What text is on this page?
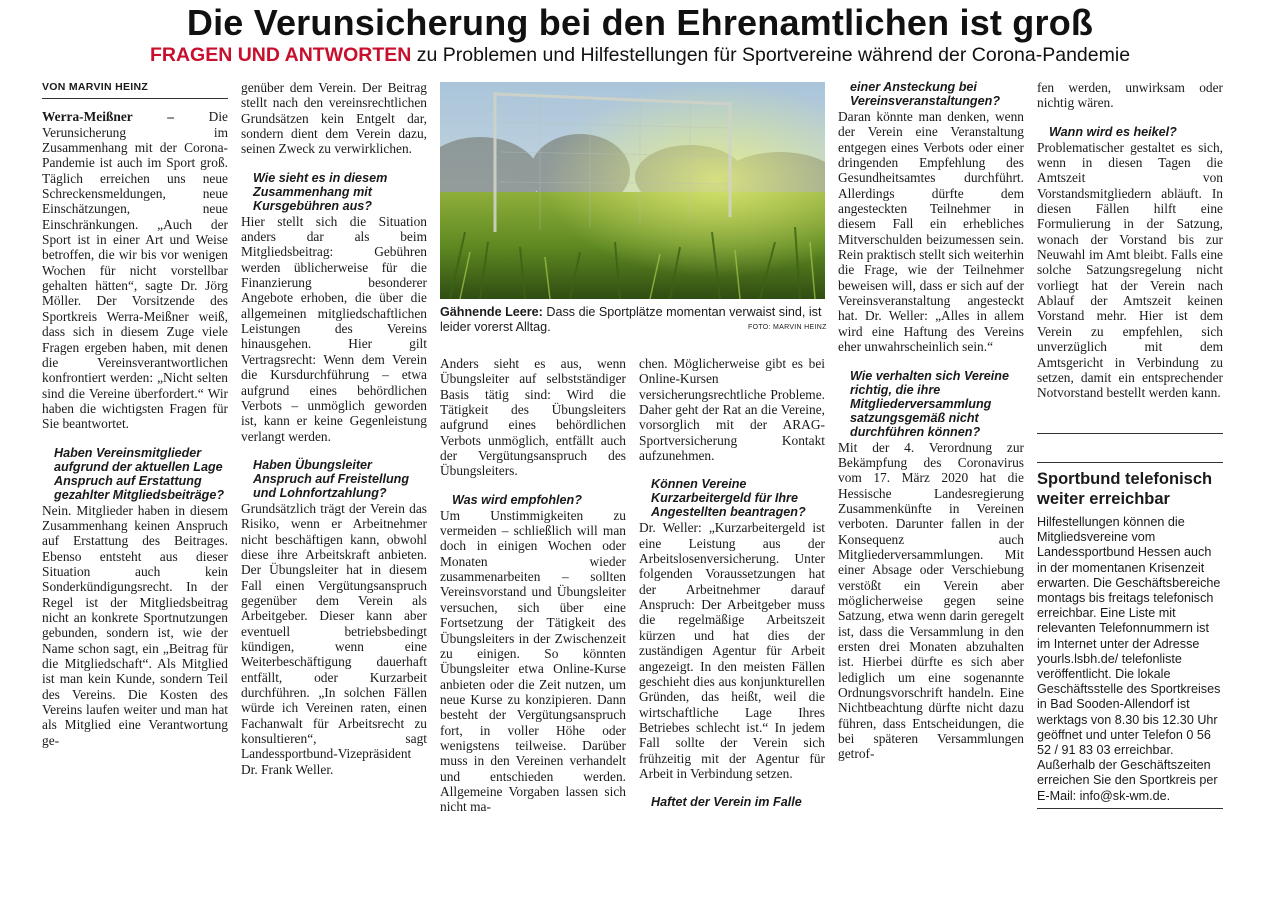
Die Verunsicherung bei den Ehrenamtlichen ist groß
FRAGEN UND ANTWORTEN zu Problemen und Hilfestellungen für Sportvereine während der Corona-Pandemie
VON MARVIN HEINZ

Werra-Meißner – Die Verunsicherung im Zusammenhang mit der Corona-Pandemie ist auch im Sport groß. Täglich erreichen uns neue Schreckensmeldungen, neue Einschätzungen, neue Einschränkungen. „Auch der Sport ist in einer Art und Weise betroffen, die wir bis vor wenigen Wochen für nicht vorstellbar gehalten hätten“, sagte Dr. Jörg Möller. Der Vorsitzende des Sportkreis Werra-Meißner weiß, dass sich in diesem Zuge viele Fragen ergeben haben, mit denen die Vereinsverantwortlichen konfrontiert werden: „Nicht selten sind die Vereine überfordert.“ Wir haben die wichtigsten Fragen für Sie beantwortet.

Haben Vereinsmitglieder aufgrund der aktuellen Lage Anspruch auf Erstattung gezahlter Mitgliedsbeiträge?

Nein. Mitglieder haben in diesem Zusammenhang keinen Anspruch auf Erstattung des Beitrages. Ebenso entsteht aus dieser Situation auch kein Sonderkündigungsrecht. In der Regel ist der Mitgliedsbeitrag nicht an konkrete Sportnutzungen gebunden, sondern ist, wie der Name schon sagt, ein „Beitrag für die Mitgliedschaft“. Als Mitglied ist man kein Kunde, sondern Teil des Vereins. Die Kosten des Vereins laufen weiter und man hat als Mitglied eine Verantwortung ge-

genüber dem Verein. Der Beitrag stellt nach den vereinsrechtlichen Grundsätzen kein Entgelt dar, sondern dient dem Verein dazu, seinen Zweck zu verwirklichen.

Wie sieht es in diesem Zusammenhang mit Kursgebühren aus?

Hier stellt sich die Situation anders dar als beim Mitgliedsbeitrag: Gebühren werden üblicherweise für die Finanzierung besonderer Angebote erhoben, die über die allgemeinen mitgliedschaftlichen Leistungen des Vereins hinausgehen. Hier gilt Vertragsrecht: Wenn dem Verein die Kursdurchführung – etwa aufgrund eines behördlichen Verbots – unmöglich geworden ist, kann er keine Gegenleistung verlangt werden.

Haben Übungsleiter Anspruch auf Freistellung und Lohnfortzahlung?

Grundsätzlich trägt der Verein das Risiko, wenn er Arbeitnehmer nicht beschäftigen kann, obwohl diese ihre Arbeitskraft anbieten. Der Übungsleiter hat in diesem Fall einen Vergütungsanspruch gegenüber dem Verein als Arbeitgeber. Dieser kann aber eventuell betriebsbedingt kündigen, wenn eine Weiterbeschäftigung dauerhaft entfällt, oder Kurzarbeit durchführen. „In solchen Fällen würde ich Vereinen raten, einen Fachanwalt für Arbeitsrecht zu konsultieren“, sagt Landessportbund-Vizepräsident Dr. Frank Weller.

Gähnende Leere: Dass die Sportplätze momentan verwaist sind, ist leider vorerst Alltag.	FOTO: MARVIN HEINZ

Anders sieht es aus, wenn Übungsleiter auf selbstständiger Basis tätig sind: Wird die Tätigkeit des Übungsleiters aufgrund eines behördlichen Verbots unmöglich, entfällt auch der Vergütungsanspruch des Übungsleiters.

Was wird empfohlen?

Um Unstimmigkeiten zu vermeiden – schließlich will man doch in einigen Wochen oder Monaten wieder zusammenarbeiten – sollten Vereinsvorstand und Übungsleiter versuchen, sich über eine Fortsetzung der Tätigkeit des Übungsleiters in der Zwischenzeit zu einigen. So könnten Übungsleiter etwa Online-Kurse anbieten oder die Zeit nutzen, um neue Kurse zu konzipieren. Dann besteht der Vergütungsanspruch fort, in voller Höhe oder wenigstens teilweise. Darüber muss in den Vereinen verhandelt und entschieden werden. Allgemeine Vorgaben lassen sich nicht ma-

chen. Möglicherweise gibt es bei Online-Kursen versicherungsrechtliche Probleme. Daher geht der Rat an die Vereine, vorsorglich mit der ARAG-Sportversicherung Kontakt aufzunehmen.

Können Vereine Kurzarbeitergeld für Ihre Angestellten beantragen?

Dr. Weller: „Kurzarbeitergeld ist eine Leistung aus der Arbeitslosenversicherung. Unter folgenden Voraussetzungen hat der Arbeitnehmer darauf Anspruch: Der Arbeitgeber muss die regelmäßige Arbeitszeit kürzen und hat dies der zuständigen Agentur für Arbeit angezeigt. In den meisten Fällen geschieht dies aus konjunkturellen Gründen, das heißt, weil die wirtschaftliche Lage Ihres Betriebes schlecht ist.“ In jedem Fall sollte der Verein sich frühzeitig mit der Agentur für Arbeit in Verbindung setzen.

Haftet der Verein im Falle
einer Ansteckung bei Vereinsveranstaltungen?

Daran könnte man denken, wenn der Verein eine Veranstaltung entgegen eines Verbots oder einer dringenden Empfehlung des Gesundheitsamtes durchführt. Allerdings dürfte dem angesteckten Teilnehmer in diesem Fall ein erhebliches Mitverschulden beizumessen sein. Rein praktisch stellt sich weiterhin die Frage, wie der Teilnehmer beweisen will, dass er sich auf der Vereinsveranstaltung angesteckt hat. Dr. Weller: „Alles in allem wird eine Haftung des Vereins eher unwahrscheinlich sein.“

Wie verhalten sich Vereine richtig, die ihre Mitgliederversammlung satzungsgemäß nicht durchführen können?

Mit der 4. Verordnung zur Bekämpfung des Coronavirus vom 17. März 2020 hat die Hessische Landesregierung Zusammenkünfte in Vereinen verboten. Darunter fallen in der Konsequenz auch Mitgliederversammlungen. Mit einer Absage oder Verschiebung verstößt ein Verein aber möglicherweise gegen seine Satzung, etwa wenn darin geregelt ist, dass die Versammlung in den ersten drei Monaten abzuhalten ist. Hierbei dürfte es sich aber lediglich um eine sogenannte Ordnungsvorschrift handeln. Eine Nichtbeachtung dürfte nicht dazu führen, dass Entscheidungen, die bei späteren Versammlungen getrof-

fen werden, unwirksam oder nichtig wären.

Wann wird es heikel?

Problematischer gestaltet es sich, wenn in diesen Tagen die Amtszeit von Vorstandsmitgliedern abläuft. In diesen Fällen hilft eine Formulierung in der Satzung, wonach der Vorstand bis zur Neuwahl im Amt bleibt. Falls eine solche Satzungsregelung nicht vorliegt hat der Verein nach Ablauf der Amtszeit keinen Vorstand mehr. Hier ist dem Verein zu empfehlen, sich unverzüglich mit dem Amtsgericht in Verbindung zu setzen, damit ein entsprechender Notvorstand bestellt werden kann.

Sportbund telefonisch weiter erreichbar

Hilfestellungen können die Mitgliedsvereine vom Landessportbund Hessen auch in der momentanen Krisenzeit erwarten. Die Geschäftsbereiche montags bis freitags telefonisch erreichbar. Eine Liste mit relevanten Telefonnummern ist im Internet unter der Adresse yourls.lsbh.de/ telefonliste veröffentlicht. Die lokale Geschäftsstelle des Sportkreises in Bad Sooden-Allendorf ist werktags von 8.30 bis 12.30 Uhr geöffnet und unter Telefon 0 56 52 / 91 83 03 erreichbar. Außerhalb der Geschäftszeiten erreichen Sie den Sportkreis per E-Mail: info@sk-wm.de.
